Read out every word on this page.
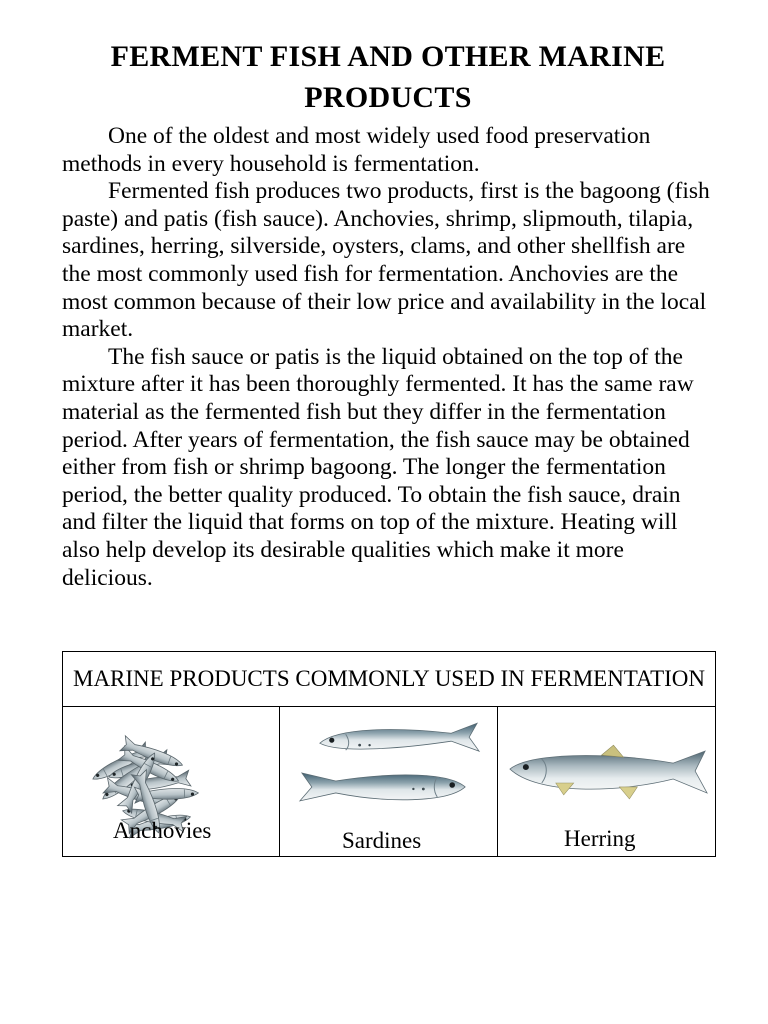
FERMENT FISH AND OTHER MARINE PRODUCTS

One of the oldest and most widely used food preservation methods in every household is fermentation.

Fermented fish produces two products, first is the bagoong (fish paste) and patis (fish sauce). Anchovies, shrimp, slipmouth, tilapia, sardines, herring, silverside, oysters, clams, and other shellfish are the most commonly used fish for fermentation. Anchovies are the most common because of their low price and availability in the local market.

The fish sauce or patis is the liquid obtained on the top of the mixture after it has been thoroughly fermented. It has the same raw material as the fermented fish but they differ in the fermentation period. After years of fermentation, the fish sauce may be obtained either from fish or shrimp bagoong. The longer the fermentation period, the better quality produced. To obtain the fish sauce, drain and filter the liquid that forms on top of the mixture. Heating will also help develop its desirable qualities which make it more delicious.

MARINE PRODUCTS COMMONLY USED IN FERMENTATION

Anchovies	Sardines	Herring
